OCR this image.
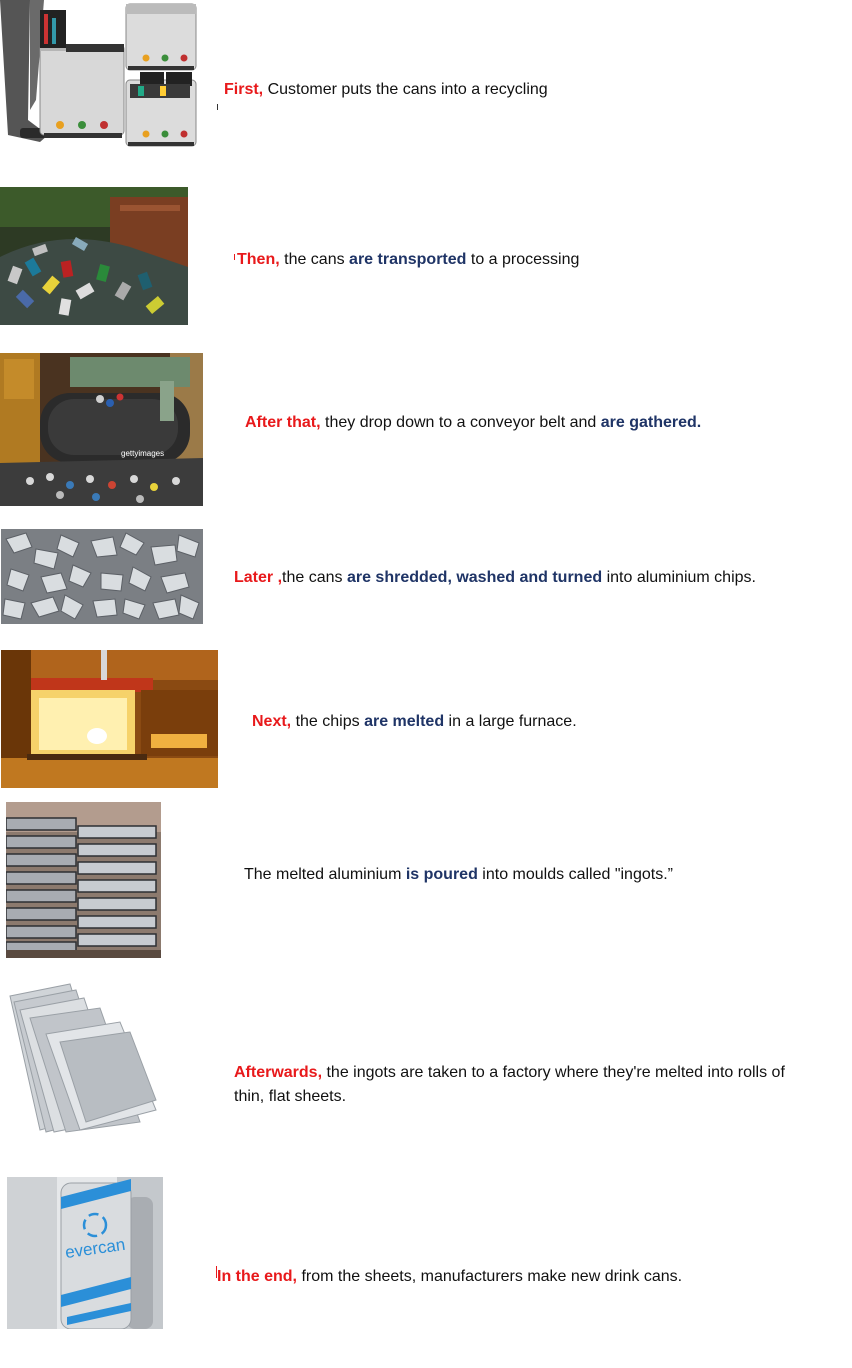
First, Customer puts the cans into a recycling
Then, the cans are transported to a processing
gettyimages
After that, they drop down to a conveyor belt and are gathered.
Later ,the cans are shredded, washed and turned into aluminium chips.
Next, the chips are melted in a large furnace.
The melted aluminium is poured into moulds called "ingots.”
Afterwards, the ingots are taken to a factory where they're melted into rolls of thin, flat sheets.
evercan
In the end, from the sheets, manufacturers make new drink cans.
